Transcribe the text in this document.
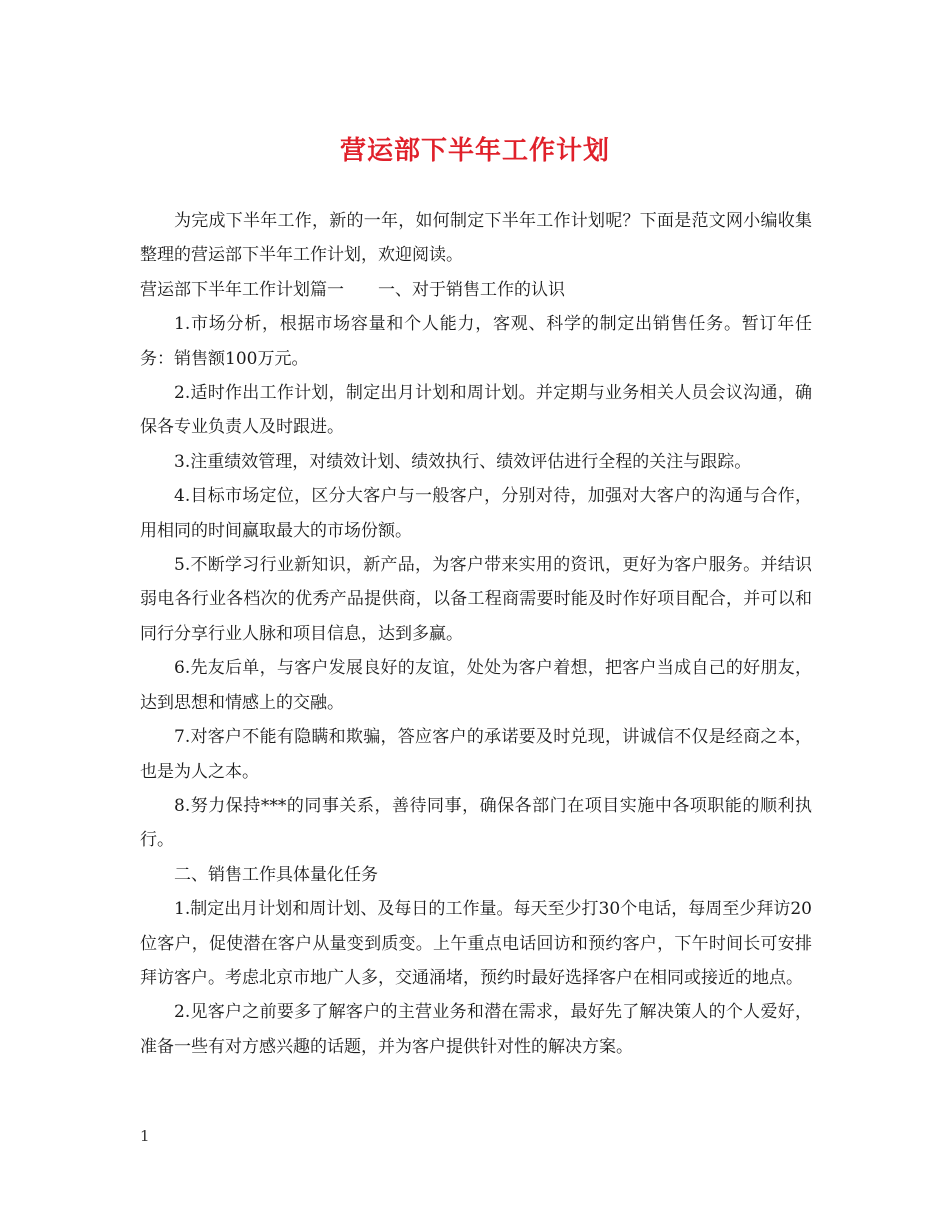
营运部下半年工作计划

为完成下半年工作，新的一年，如何制定下半年工作计划呢？下面是范文网小编收集整理的营运部下半年工作计划，欢迎阅读。

营运部下半年工作计划篇一　　一、对于销售工作的认识

1.市场分析，根据市场容量和个人能力，客观、科学的制定出销售任务。暂订年任务：销售额100万元。

2.适时作出工作计划，制定出月计划和周计划。并定期与业务相关人员会议沟通，确保各专业负责人及时跟进。

3.注重绩效管理，对绩效计划、绩效执行、绩效评估进行全程的关注与跟踪。

4.目标市场定位，区分大客户与一般客户，分别对待，加强对大客户的沟通与合作，用相同的时间赢取最大的市场份额。

5.不断学习行业新知识，新产品，为客户带来实用的资讯，更好为客户服务。并结识弱电各行业各档次的优秀产品提供商，以备工程商需要时能及时作好项目配合，并可以和同行分享行业人脉和项目信息，达到多赢。

6.先友后单，与客户发展良好的友谊，处处为客户着想，把客户当成自己的好朋友，达到思想和情感上的交融。

7.对客户不能有隐瞒和欺骗，答应客户的承诺要及时兑现，讲诚信不仅是经商之本，也是为人之本。

8.努力保持***的同事关系，善待同事，确保各部门在项目实施中各项职能的顺利执行。

二、销售工作具体量化任务

1.制定出月计划和周计划、及每日的工作量。每天至少打30个电话，每周至少拜访20位客户，促使潜在客户从量变到质变。上午重点电话回访和预约客户，下午时间长可安排拜访客户。考虑北京市地广人多，交通涌堵，预约时最好选择客户在相同或接近的地点。

2.见客户之前要多了解客户的主营业务和潜在需求，最好先了解决策人的个人爱好，准备一些有对方感兴趣的话题，并为客户提供针对性的解决方案。

1
